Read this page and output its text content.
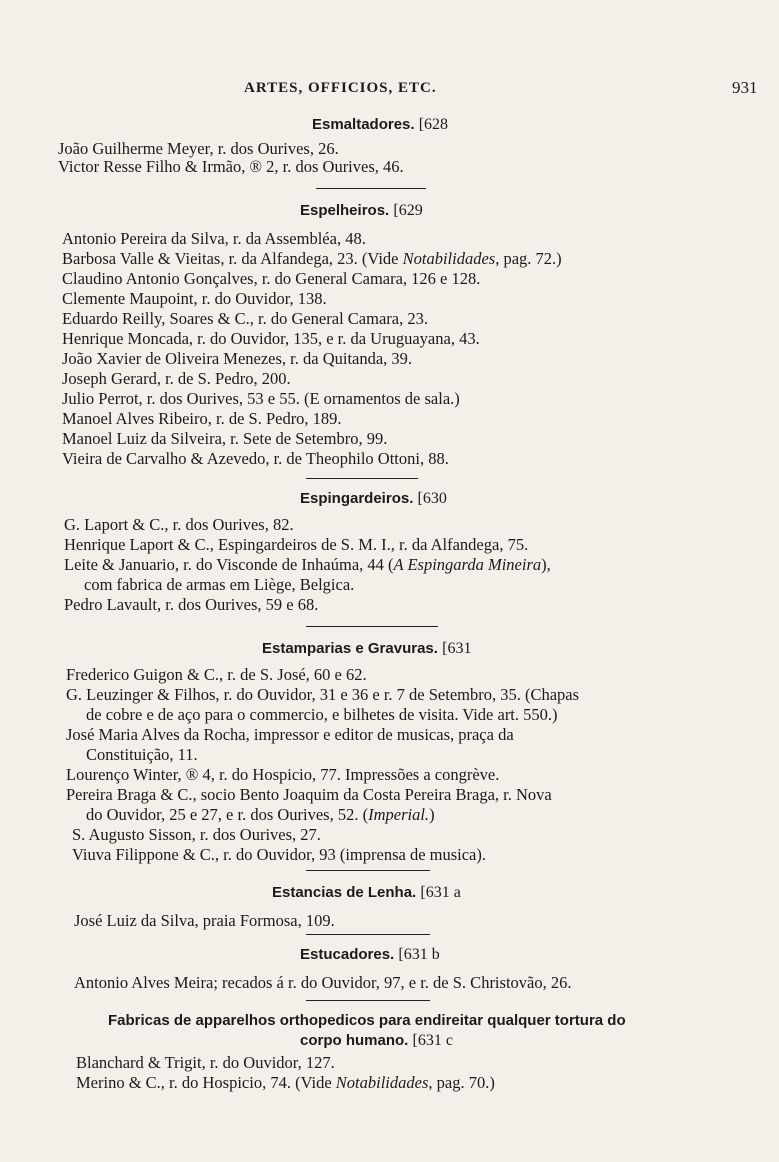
ARTES, OFFICIOS, ETC.	931
Esmaltadores. [628
João Guilherme Meyer, r. dos Ourives, 26.
Victor Resse Filho & Irmão, ® 2, r. dos Ourives, 46.
Espelheiros. [629
Antonio Pereira da Silva, r. da Assembléa, 48.
Barbosa Valle & Vieitas, r. da Alfandega, 23. (Vide Notabilidades, pag. 72.)
Claudino Antonio Gonçalves, r. do General Camara, 126 e 128.
Clemente Maupoint, r. do Ouvidor, 138.
Eduardo Reilly, Soares & C., r. do General Camara, 23.
Henrique Moncada, r. do Ouvidor, 135, e r. da Uruguayana, 43.
João Xavier de Oliveira Menezes, r. da Quitanda, 39.
Joseph Gerard, r. de S. Pedro, 200.
Julio Perrot, r. dos Ourives, 53 e 55. (E ornamentos de sala.)
Manoel Alves Ribeiro, r. de S. Pedro, 189.
Manoel Luiz da Silveira, r. Sete de Setembro, 99.
Vieira de Carvalho & Azevedo, r. de Theophilo Ottoni, 88.
Espingardeiros. [630
G. Laport & C., r. dos Ourives, 82.
Henrique Laport & C., Espingardeiros de S. M. I., r. da Alfandega, 75.
Leite & Januario, r. do Visconde de Inhaúma, 44 (A Espingarda Mineira),
com fabrica de armas em Liège, Belgica.
Pedro Lavault, r. dos Ourives, 59 e 68.
Estamparias e Gravuras. [631
Frederico Guigon & C., r. de S. José, 60 e 62.
G. Leuzinger & Filhos, r. do Ouvidor, 31 e 36 e r. 7 de Setembro, 35. (Chapas
de cobre e de aço para o commercio, e bilhetes de visita. Vide art. 550.)
José Maria Alves da Rocha, impressor e editor de musicas, praça da
Constituição, 11.
Lourenço Winter, ® 4, r. do Hospicio, 77. Impressões a congrève.
Pereira Braga & C., socio Bento Joaquim da Costa Pereira Braga, r. Nova
do Ouvidor, 25 e 27, e r. dos Ourives, 52. (Imperial.)
S. Augusto Sisson, r. dos Ourives, 27.
Viuva Filippone & C., r. do Ouvidor, 93 (imprensa de musica).
Estancias de Lenha. [631 a
José Luiz da Silva, praia Formosa, 109.
Estucadores. [631 b
Antonio Alves Meira; recados á r. do Ouvidor, 97, e r. de S. Christovão, 26.
Fabricas de apparelhos orthopedicos para endireitar qualquer tortura do
corpo humano. [631 c
Blanchard & Trigit, r. do Ouvidor, 127.
Merino & C., r. do Hospicio, 74. (Vide Notabilidades, pag. 70.)
